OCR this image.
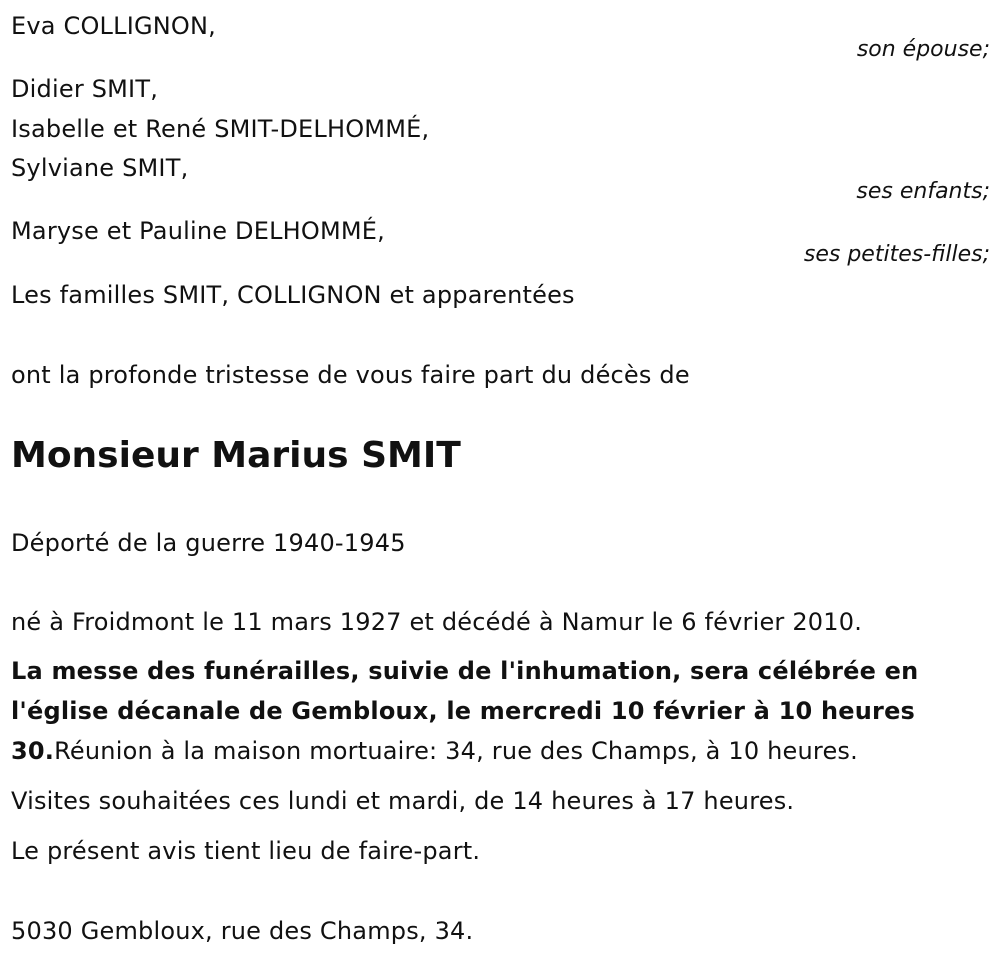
Eva COLLIGNON,
son épouse;
Didier SMIT,
Isabelle et René SMIT-DELHOMMÉ,
Sylviane SMIT,
ses enfants;
Maryse et Pauline DELHOMMÉ,
ses petites-filles;
Les familles SMIT, COLLIGNON et apparentées
ont la profonde tristesse de vous faire part du décès de
Monsieur Marius SMIT
Déporté de la guerre 1940-1945
né à Froidmont le 11 mars 1927 et décédé à Namur le 6 février 2010.
La messe des funérailles, suivie de l'inhumation, sera célébrée en l'église décanale de Gembloux, le mercredi 10 février à 10 heures 30.Réunion à la maison mortuaire: 34, rue des Champs, à 10 heures.
Visites souhaitées ces lundi et mardi, de 14 heures à 17 heures.
Le présent avis tient lieu de faire-part.
5030 Gembloux, rue des Champs, 34.
